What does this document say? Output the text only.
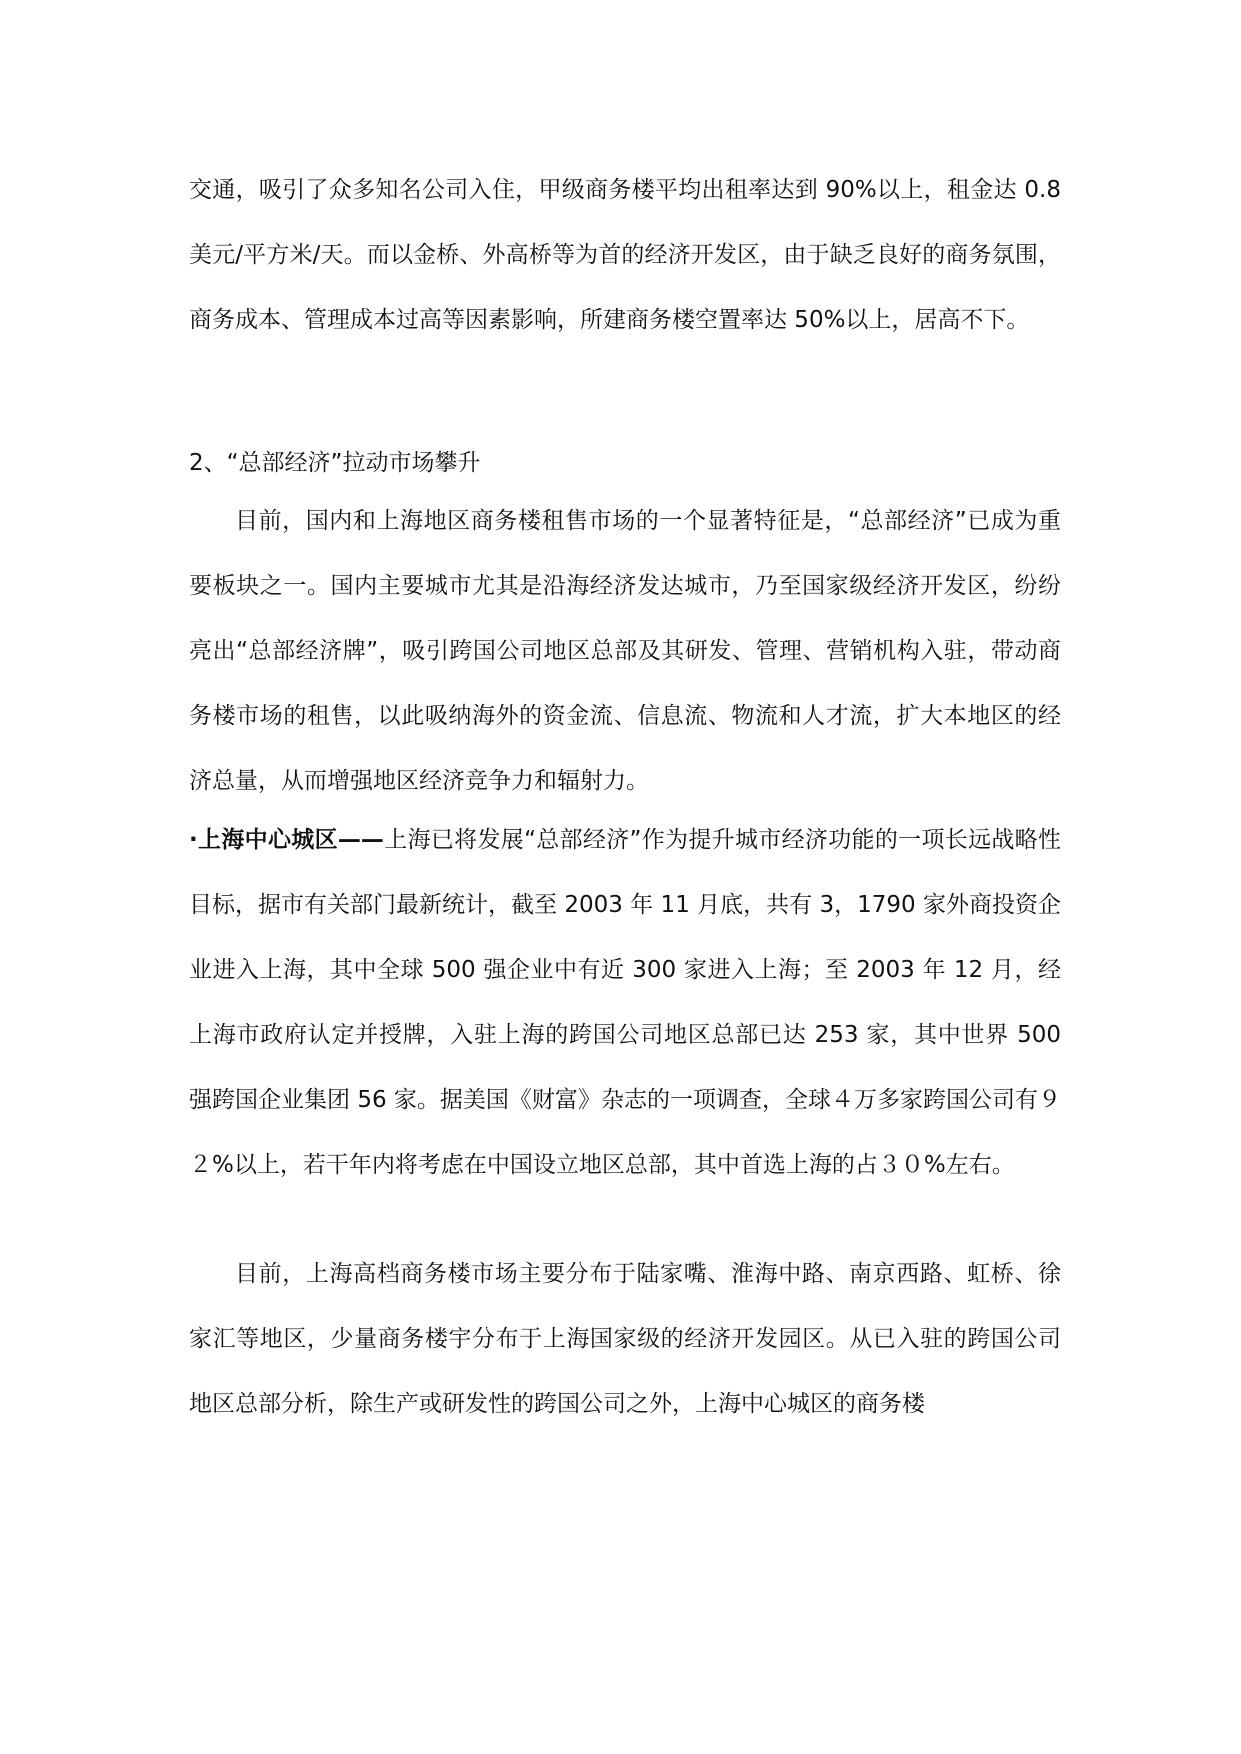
交通，吸引了众多知名公司入住，甲级商务楼平均出租率达到 90%以上，租金达 0.8 美元/平方米/天。而以金桥、外高桥等为首的经济开发区，由于缺乏良好的商务氛围，商务成本、管理成本过高等因素影响，所建商务楼空置率达 50%以上，居高不下。

2、“总部经济”拉动市场攀升

目前，国内和上海地区商务楼租售市场的一个显著特征是，“总部经济”已成为重要板块之一。国内主要城市尤其是沿海经济发达城市，乃至国家级经济开发区，纷纷亮出“总部经济牌”，吸引跨国公司地区总部及其研发、管理、营销机构入驻，带动商务楼市场的租售，以此吸纳海外的资金流、信息流、物流和人才流，扩大本地区的经济总量，从而增强地区经济竞争力和辐射力。

·上海中心城区——上海已将发展“总部经济”作为提升城市经济功能的一项长远战略性目标，据市有关部门最新统计，截至 2003 年 11 月底，共有 3，1790 家外商投资企业进入上海，其中全球 500 强企业中有近 300 家进入上海；至 2003 年 12 月，经上海市政府认定并授牌，入驻上海的跨国公司地区总部已达 253 家，其中世界 500 强跨国企业集团 56 家。据美国《财富》杂志的一项调查，全球４万多家跨国公司有９２%以上，若干年内将考虑在中国设立地区总部，其中首选上海的占３０%左右。

目前，上海高档商务楼市场主要分布于陆家嘴、淮海中路、南京西路、虹桥、徐家汇等地区，少量商务楼宇分布于上海国家级的经济开发园区。从已入驻的跨国公司地区总部分析，除生产或研发性的跨国公司之外，上海中心城区的商务楼
